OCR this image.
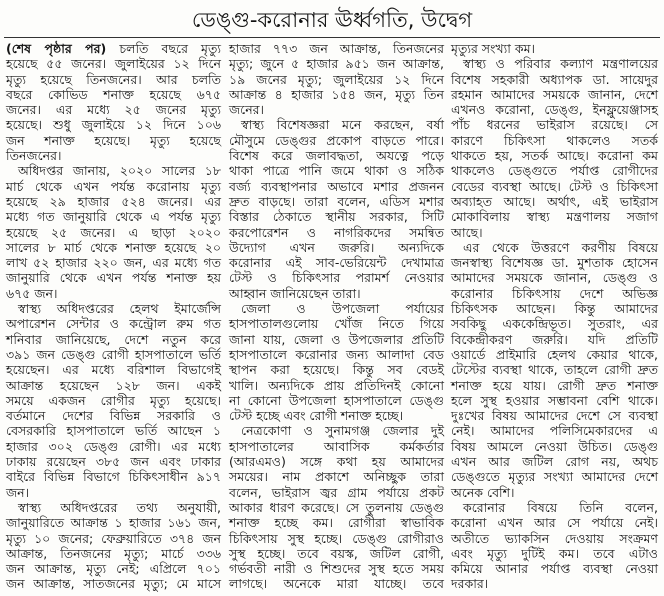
ডেঙ্গু-করোনার ঊর্ধ্বগতি, উদ্বেগ
(শেষ পৃষ্ঠার পর) চলতি বছরে মৃত্যু
হয়েছে ৫৫ জনের। জুলাইয়ের ১২ দিনে
মৃত্যু হয়েছে তিনজনের। আর চলতি
বছরে কোভিড শনাক্ত হয়েছে ৬৭৫
জনের। এর মধ্যে ২৫ জনের মৃত্যু
হয়েছে। শুধু জুলাইয়ে ১২ দিনে ১০৬
জন শনাক্ত হয়েছে। মৃত্যু হয়েছে
তিনজনের।
অধিদপ্তর জানায়, ২০২০ সালের ১৮
মার্চ থেকে এখন পর্যন্ত করোনায় মৃত্যু
হয়েছে ২৯ হাজার ৫২৪ জনের। এর
মধ্যে গত জানুয়ারি থেকে এ পর্যন্ত মৃত্যু
হয়েছে ২৫ জনের। এ ছাড়া ২০২০
সালের ৮ মার্চ থেকে শনাক্ত হয়েছে ২০
লাখ ৫২ হাজার ২২০ জন, এর মধ্যে গত
জানুয়ারি থেকে এখন পর্যন্ত শনাক্ত হয়
৬৭৫ জন।
স্বাস্থ্য অধিদপ্তরের হেলথ ইমার্জেন্সি
অপারেশন সেন্টার ও কন্ট্রোল রুম গত
শনিবার জানিয়েছে, দেশে নতুন করে
৩৯১ জন ডেঙ্গু রোগী হাসপাতালে ভর্তি
হয়েছেন। এর মধ্যে বরিশাল বিভাগেই
আক্রান্ত হয়েছেন ১২৮ জন। একই
সময়ে একজন রোগীর মৃত্যু হয়েছে।
বর্তমানে দেশের বিভিন্ন সরকারি ও
বেসরকারি হাসপাতালে ভর্তি আছেন ১
হাজার ৩০২ ডেঙ্গু রোগী। এর মধ্যে
ঢাকায় রয়েছেন ৩৮৫ জন এবং ঢাকার
বাইরে বিভিন্ন বিভাগে চিকিৎসাধীন ৯১৭
জন।
স্বাস্থ্য অধিদপ্তরের তথ্য অনুযায়ী,
জানুয়ারিতে আক্রান্ত ১ হাজার ১৬১ জন,
মৃত্যু ১০ জনের; ফেব্রুয়ারিতে ৩৭৪ জন
আক্রান্ত, তিনজনের মৃত্যু; মার্চে ৩৩৬
জন আক্রান্ত, মৃত্যু নেই; এপ্রিলে ৭০১
জন আক্রান্ত, সাতজনের মৃত্যু; মে মাসে
হাজার ৭৭৩ জন আক্রান্ত, তিনজনের
মৃত্যু; জুনে ৫ হাজার ৯৫১ জন আক্রান্ত,
১৯ জনের মৃত্যু; জুলাইয়ের ১২ দিনে
আক্রান্ত ৪ হাজার ১৫৪ জন, মৃত্যু তিন
জনের।
স্বাস্থ্য বিশেষজ্ঞরা মনে করছেন, বর্ষা
মৌসুমে ডেঙ্গুর প্রকোপ বাড়তে পারে।
বিশেষ করে জলাবদ্ধতা, অযত্নে পড়ে
থাকা পাত্রে পানি জমে থাকা ও সঠিক
বর্জ্য ব্যবস্থাপনার অভাবে মশার প্রজনন
দ্রুত বাড়ছে। তারা বলেন, এডিস মশার
বিস্তার ঠেকাতে স্থানীয় সরকার, সিটি
করপোরেশন ও নাগরিকদের সমন্বিত
উদ্যোগ এখন জরুরি। অন্যদিকে
করোনার এই সাব-ভেরিয়েন্ট দেখামাত্র
টেস্ট ও চিকিৎসার পরামর্শ নেওয়ার
আহ্বান জানিয়েছেন তারা।
জেলা ও উপজেলা পর্যায়ের
হাসপাতালগুলোয় খোঁজ নিতে গিয়ে
জানা যায়, জেলা ও উপজেলার প্রতিটি
হাসপাতালে করোনার জন্য আলাদা বেড
স্থাপন করা হয়েছে। কিন্তু সব বেডই
খালি। অন্যদিকে প্রায় প্রতিদিনই কোনো
না কোনো উপজেলা হাসপাতালে ডেঙ্গু
টেস্ট হচ্ছে এবং রোগী শনাক্ত হচ্ছে।
নেত্রকোণা ও সুনামগঞ্জ জেলার দুই
হাসপাতালের আবাসিক কর্মকর্তার
(আরএমও) সঙ্গে কথা হয় আমাদের
সময়ের। নাম প্রকাশে অনিচ্ছুক তারা
বলেন, ভাইরাস জ্বর গ্রাম পর্যায়ে প্রকট
আকার ধারণ করেছে। সে তুলনায় ডেঙ্গু
শনাক্ত হচ্ছে কম। রোগীরা স্বাভাবিক
চিকিৎসায় সুস্থ হচ্ছে। ডেঙ্গু রোগীরাও
সুস্থ হচ্ছে। তবে বয়স্ক, জটিল রোগী,
গর্ভবতী নারী ও শিশুদের সুস্থ হতে সময়
লাগছে। অনেকে মারা যাচ্ছে। তবে
মৃত্যুর সংখ্যা কম।
স্বাস্থ্য ও পরিবার কল্যাণ মন্ত্রণালয়ের
বিশেষ সহকারী অধ্যাপক ডা. সায়েদুর
রহমান আমাদের সময়কে জানান, দেশে
এখনও করোনা, ডেঙ্গু, ইনফ্লুয়েঞ্জাসহ
পাঁচ ধরনের ভাইরাস রয়েছে। সে
কারণে চিকিৎসা থাকলেও সতর্ক
থাকতে হয়, সতর্ক আছে। করোনা কম
থাকলেও ডেঙ্গুতে পর্যাপ্ত রোগীদের
বেডের ব্যবস্থা আছে। টেস্ট ও চিকিৎসা
অব্যাহত আছে। অর্থাৎ, এই ভাইরাস
মোকাবিলায় স্বাস্থ্য মন্ত্রণালয় সজাগ
আছে।
এর থেকে উত্তরণে করণীয় বিষয়ে
জনস্বাস্থ্য বিশেষজ্ঞ ডা. মুশতাক হোসেন
আমাদের সময়কে জানান, ডেঙ্গু ও
করোনার চিকিৎসায় দেশে অভিজ্ঞ
চিকিৎসক আছেন। কিন্তু আমাদের
সবকিছু এককেন্দ্রিভূত। সুতরাং, এর
বিকেন্দ্রীকরণ জরুরি। যদি প্রতিটি
ওয়ার্ডে প্রাইমারি হেলথ কেয়ার থাকে,
টেস্টের ব্যবস্থা থাকে, তাহলে রোগী দ্রুত
শনাক্ত হয়ে যায়। রোগী দ্রুত শনাক্ত
হলে সুস্থ হওয়ার সম্ভাবনা বেশি থাকে।
দুঃখের বিষয় আমাদের দেশে সে ব্যবস্থা
নেই। আমাদের পলিসিমেকারদের এ
বিষয় আমলে নেওয়া উচিত। ডেঙ্গু
এখন আর জটিল রোগ নয়, অথচ
ডেঙ্গুতে মৃত্যুর সংখ্যা আমাদের দেশে
অনেক বেশি।
করোনার বিষয়ে তিনি বলেন,
করোনা এখন আর সে পর্যায়ে নেই।
অতীতে ভ্যাকসিন দেওয়ায় সংক্রমণ
এবং মৃত্যু দুটিই কম। তবে এটাও
কমিয়ে আনার পর্যাপ্ত ব্যবস্থা নেওয়া
দরকার।
